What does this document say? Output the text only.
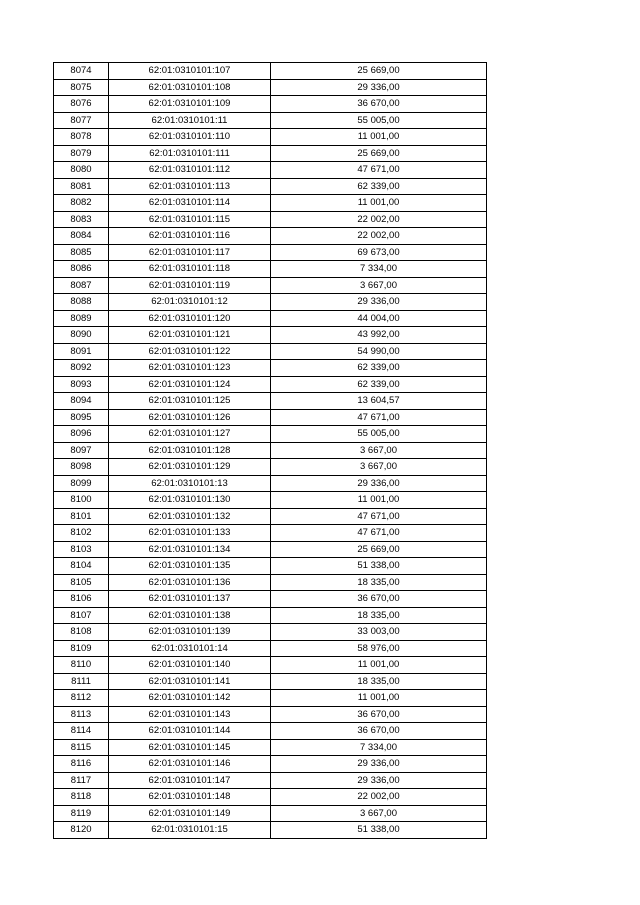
8074	62:01:0310101:107	25 669,00
8075	62:01:0310101:108	29 336,00
8076	62:01:0310101:109	36 670,00
8077	62:01:0310101:11	55 005,00
8078	62:01:0310101:110	11 001,00
8079	62:01:0310101:111	25 669,00
8080	62:01:0310101:112	47 671,00
8081	62:01:0310101:113	62 339,00
8082	62:01:0310101:114	11 001,00
8083	62:01:0310101:115	22 002,00
8084	62:01:0310101:116	22 002,00
8085	62:01:0310101:117	69 673,00
8086	62:01:0310101:118	7 334,00
8087	62:01:0310101:119	3 667,00
8088	62:01:0310101:12	29 336,00
8089	62:01:0310101:120	44 004,00
8090	62:01:0310101:121	43 992,00
8091	62:01:0310101:122	54 990,00
8092	62:01:0310101:123	62 339,00
8093	62:01:0310101:124	62 339,00
8094	62:01:0310101:125	13 604,57
8095	62:01:0310101:126	47 671,00
8096	62:01:0310101:127	55 005,00
8097	62:01:0310101:128	3 667,00
8098	62:01:0310101:129	3 667,00
8099	62:01:0310101:13	29 336,00
8100	62:01:0310101:130	11 001,00
8101	62:01:0310101:132	47 671,00
8102	62:01:0310101:133	47 671,00
8103	62:01:0310101:134	25 669,00
8104	62:01:0310101:135	51 338,00
8105	62:01:0310101:136	18 335,00
8106	62:01:0310101:137	36 670,00
8107	62:01:0310101:138	18 335,00
8108	62:01:0310101:139	33 003,00
8109	62:01:0310101:14	58 976,00
8110	62:01:0310101:140	11 001,00
8111	62:01:0310101:141	18 335,00
8112	62:01:0310101:142	11 001,00
8113	62:01:0310101:143	36 670,00
8114	62:01:0310101:144	36 670,00
8115	62:01:0310101:145	7 334,00
8116	62:01:0310101:146	29 336,00
8117	62:01:0310101:147	29 336,00
8118	62:01:0310101:148	22 002,00
8119	62:01:0310101:149	3 667,00
8120	62:01:0310101:15	51 338,00
